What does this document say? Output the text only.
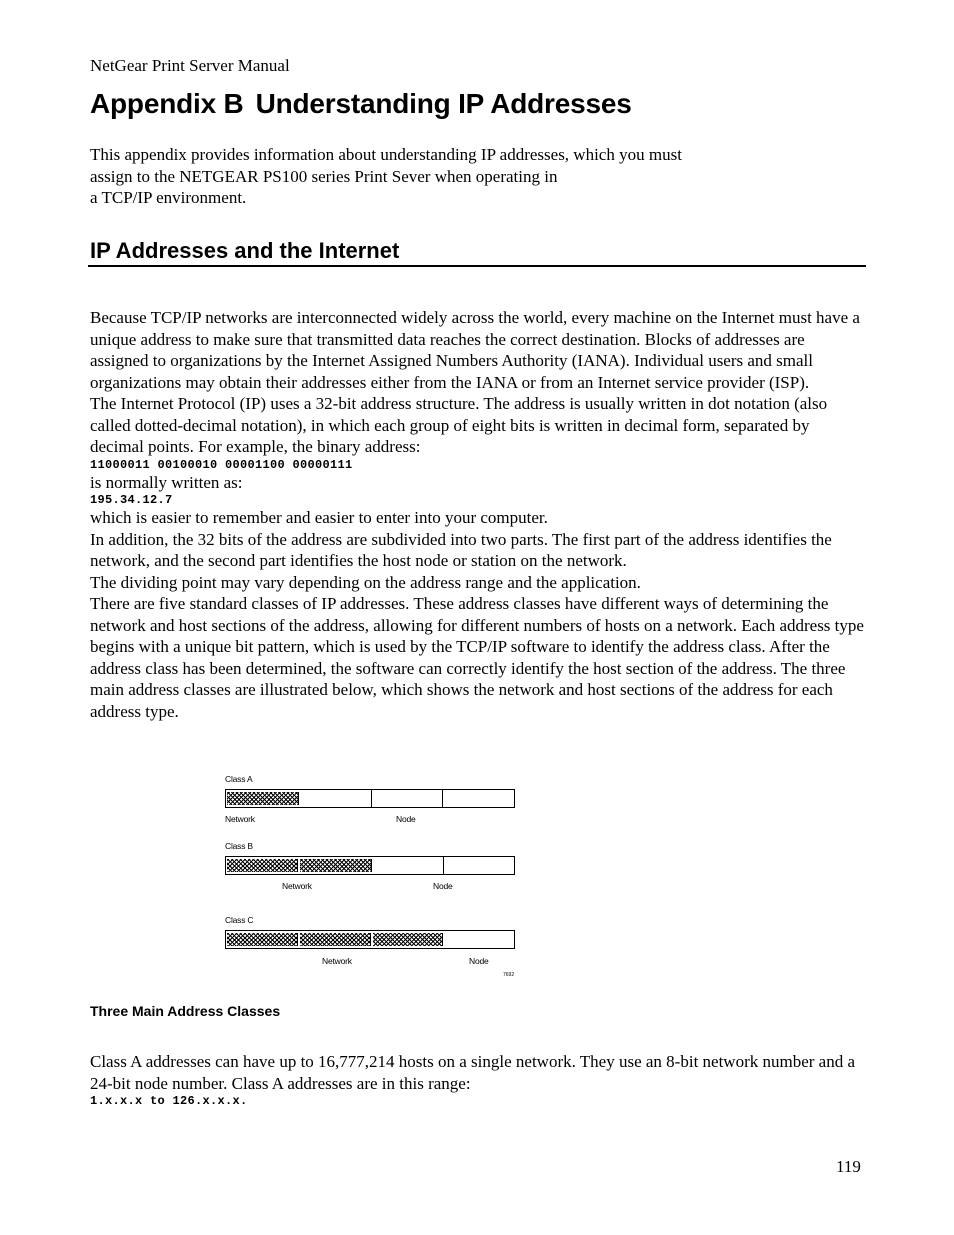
NetGear Print Server Manual
Appendix B Understanding IP Addresses

This appendix provides information about understanding IP addresses, which you must
assign to the NETGEAR PS100 series Print Sever when operating in
a TCP/IP environment.

IP Addresses and the Internet

Because TCP/IP networks are interconnected widely across the world, every machine on the Internet must have a unique address to make sure that transmitted data reaches the correct destination. Blocks of addresses are assigned to organizations by the Internet Assigned Numbers Authority (IANA). Individual users and small organizations may obtain their addresses either from the IANA or from an Internet service provider (ISP).

The Internet Protocol (IP) uses a 32-bit address structure. The address is usually written in dot notation (also called dotted-decimal notation), in which each group of eight bits is written in decimal form, separated by decimal points. For example, the binary address:

11000011 00100010 00001100 00000111

is normally written as:

195.34.12.7

which is easier to remember and easier to enter into your computer.

In addition, the 32 bits of the address are subdivided into two parts. The first part of the address identifies the network, and the second part identifies the host node or station on the network.

The dividing point may vary depending on the address range and the application.

There are five standard classes of IP addresses. These address classes have different ways of determining the network and host sections of the address, allowing for different numbers of hosts on a network. Each address type begins with a unique bit pattern, which is used by the TCP/IP software to identify the address class. After the address class has been determined, the software can correctly identify the host section of the address. The three main address classes are illustrated below, which shows the network and host sections of the address for each address type.

Class A
Network	Node
Class B
Network	Node
Class C
Network	Node
7692

Three Main Address Classes

Class A addresses can have up to 16,777,214 hosts on a single network. They use an 8-bit network number and a 24-bit node number. Class A addresses are in this range:

1.x.x.x to 126.x.x.x.

119
